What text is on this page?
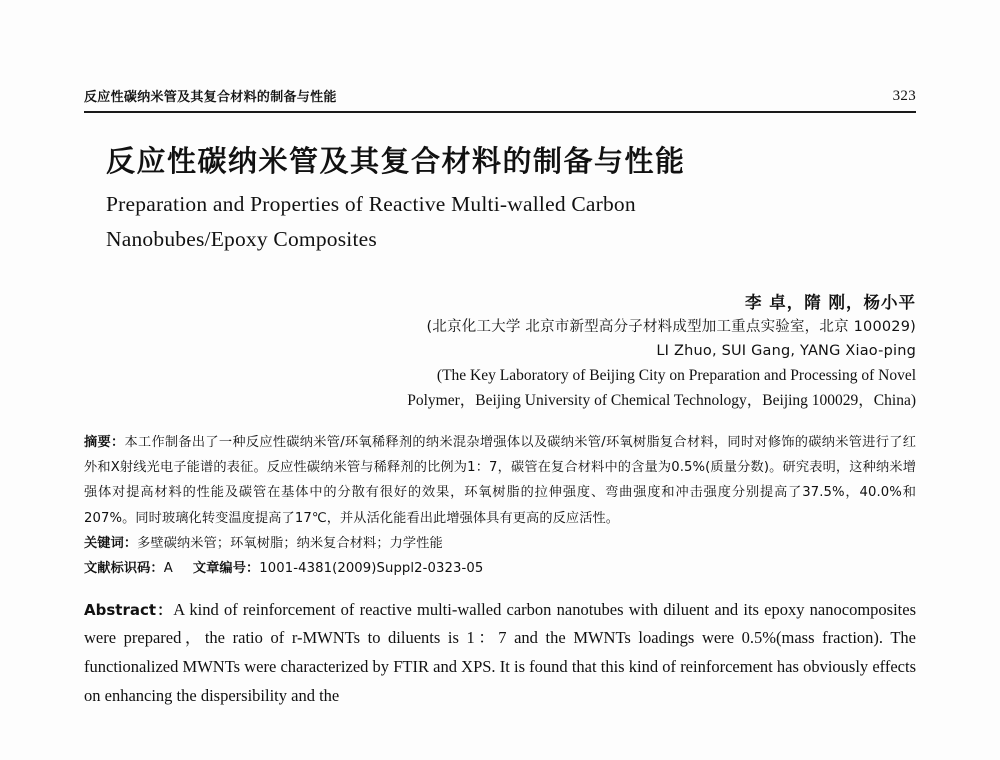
反应性碳纳米管及其复合材料的制备与性能	323
反应性碳纳米管及其复合材料的制备与性能
Preparation and Properties of Reactive Multi-walled Carbon
Nanobubes/Epoxy Composites
李 卓，隋 刚，杨小平
(北京化工大学 北京市新型高分子材料成型加工重点实验室，北京 100029)
LI Zhuo, SUI Gang, YANG Xiao-ping
(The Key Laboratory of Beijing City on Preparation and Processing of Novel
Polymer，Beijing University of Chemical Technology，Beijing 100029，China)
摘要：本工作制备出了一种反应性碳纳米管/环氧稀释剂的纳米混杂增强体以及碳纳米管/环氧树脂复合材料，同时对修饰的碳纳米管进行了红外和X射线光电子能谱的表征。反应性碳纳米管与稀释剂的比例为1：7，碳管在复合材料中的含量为0.5%(质量分数)。研究表明，这种纳米增强体对提高材料的性能及碳管在基体中的分散有很好的效果，环氧树脂的拉伸强度、弯曲强度和冲击强度分别提高了37.5%，40.0%和207%。同时玻璃化转变温度提高了17℃，并从活化能看出此增强体具有更高的反应活性。
关键词：多壁碳纳米管；环氧树脂；纳米复合材料；力学性能
文献标识码：A 文章编号：1001-4381(2009)Suppl2-0323-05
Abstract：A kind of reinforcement of reactive multi-walled carbon nanotubes with diluent and its epoxy nanocomposites were prepared，the ratio of r-MWNTs to diluents is 1：7 and the MWNTs loadings were 0.5%(mass fraction). The functionalized MWNTs were characterized by FTIR and XPS. It is found that this kind of reinforcement has obviously effects on enhancing the dispersibility and the
